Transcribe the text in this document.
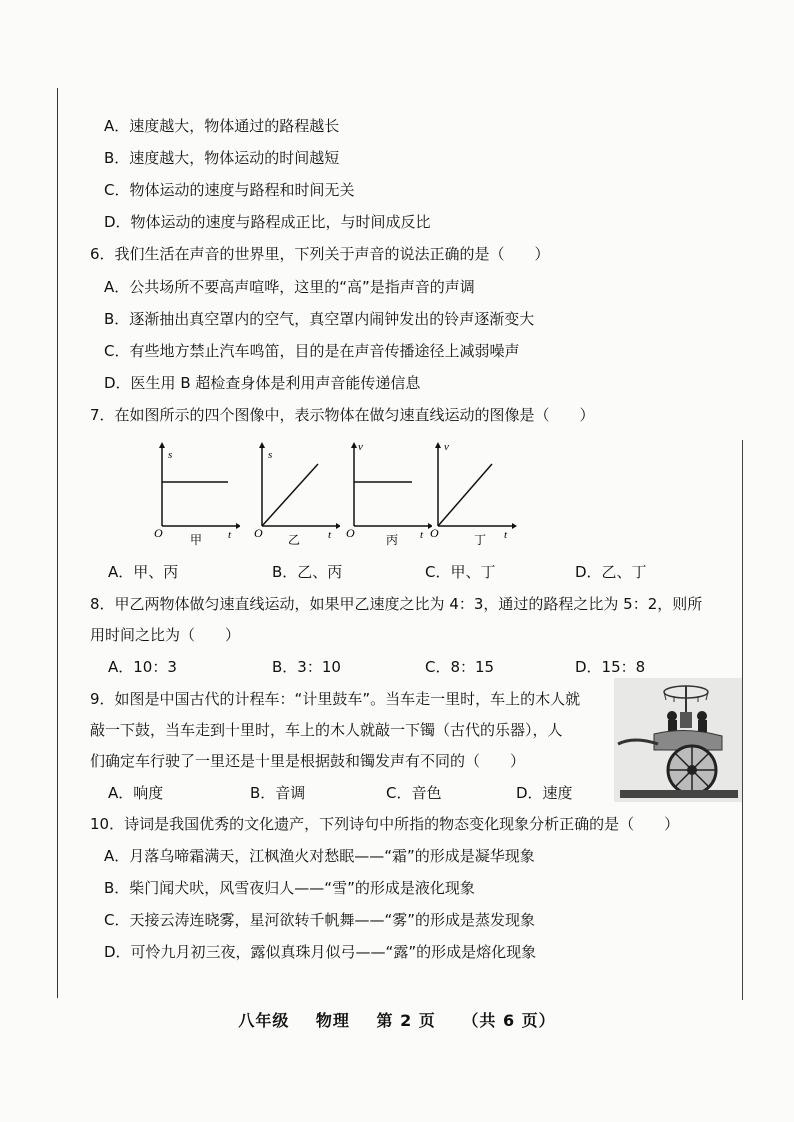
A．速度越大，物体通过的路程越长
B．速度越大，物体运动的时间越短
C．物体运动的速度与路程和时间无关
D．物体运动的速度与路程成正比，与时间成反比
6．我们生活在声音的世界里，下列关于声音的说法正确的是（　　）
A．公共场所不要高声喧哗，这里的“高”是指声音的声调
B．逐渐抽出真空罩内的空气，真空罩内闹钟发出的铃声逐渐变大
C．有些地方禁止汽车鸣笛，目的是在声音传播途径上减弱噪声
D．医生用 B 超检查身体是利用声音能传递信息
7．在如图所示的四个图像中，表示物体在做匀速直线运动的图像是（　　）
s
O	t
甲
s
O	t
乙
v
O	t
丙
v
O	t
丁
A．甲、丙	B．乙、丙	C．甲、丁	D．乙、丁
8．甲乙两物体做匀速直线运动，如果甲乙速度之比为 4：3，通过的路程之比为 5：2，则所
用时间之比为（　　）
A．10：3	B．3：10	C．8：15	D．15：8
9．如图是中国古代的计程车：“计里鼓车”。当车走一里时，车上的木人就
敲一下鼓，当车走到十里时，车上的木人就敲一下镯（古代的乐器），人
们确定车行驶了一里还是十里是根据鼓和镯发声有不同的（　　）
A．响度	B．音调	C．音色	D．速度
10．诗词是我国优秀的文化遗产，下列诗句中所指的物态变化现象分析正确的是（　　）
A．月落乌啼霜满天，江枫渔火对愁眠——“霜”的形成是凝华现象
B．柴门闻犬吠，风雪夜归人——“雪”的形成是液化现象
C．天接云涛连晓雾，星河欲转千帆舞——“雾”的形成是蒸发现象
D．可怜九月初三夜，露似真珠月似弓——“露”的形成是熔化现象
八年级 物理 第 2 页 （共 6 页）
